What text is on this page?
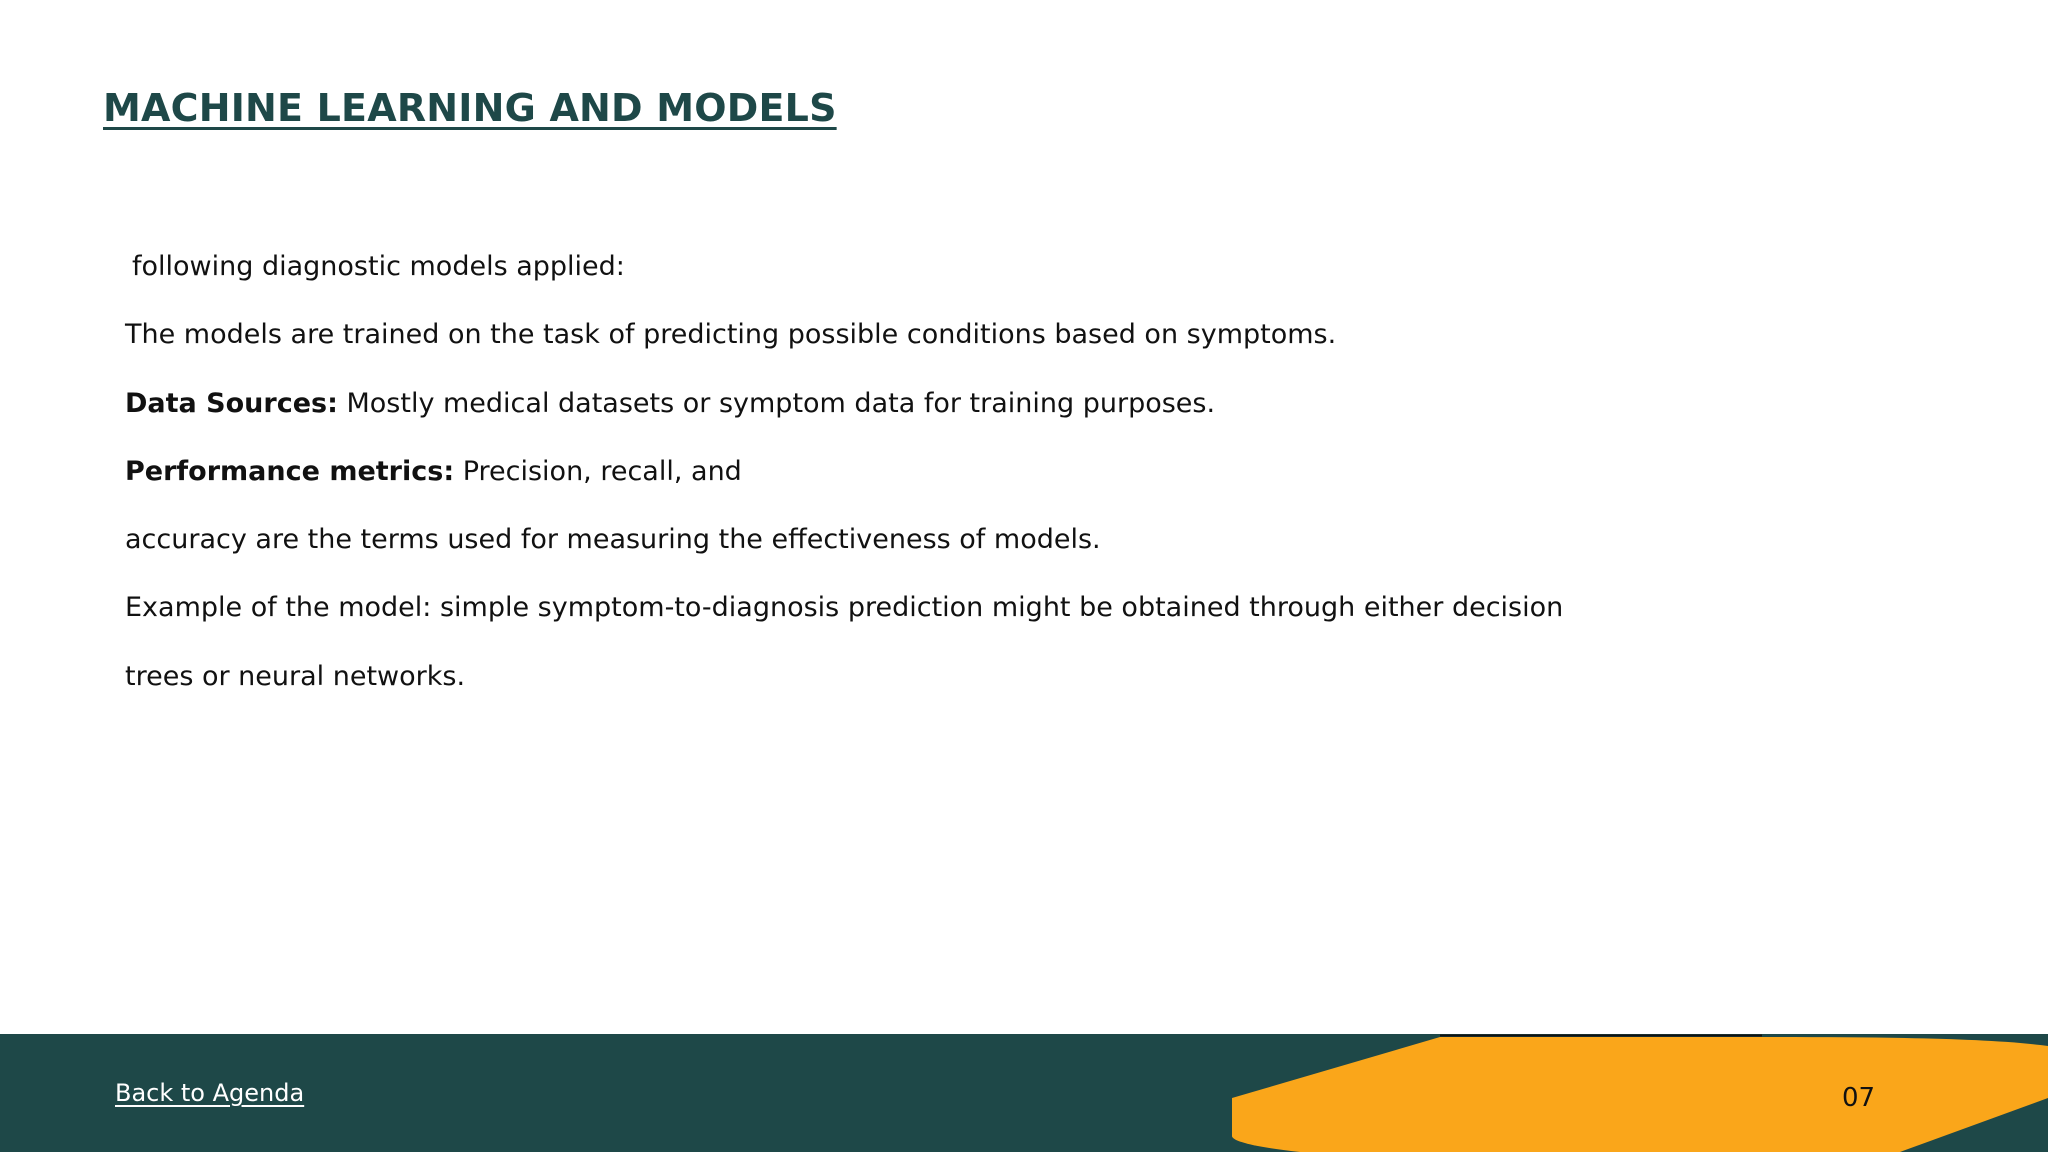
MACHINE LEARNING AND MODELS
following diagnostic models applied:
The models are trained on the task of predicting possible conditions based on symptoms.
Data Sources: Mostly medical datasets or symptom data for training purposes.
Performance metrics: Precision, recall, and
accuracy are the terms used for measuring the effectiveness of models.
Example of the model: simple symptom-to-diagnosis prediction might be obtained through either decision
trees or neural networks.
Back to Agenda	07
